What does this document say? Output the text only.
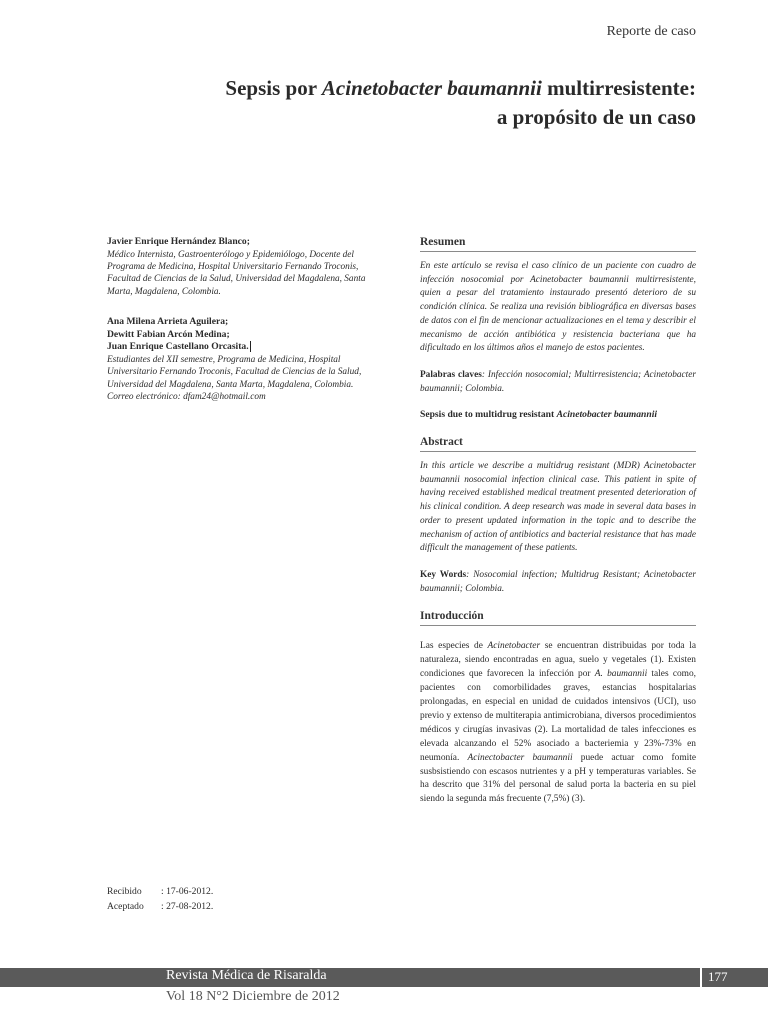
Reporte de caso
Sepsis por Acinetobacter baumannii multirresistente:
a propósito de un caso
Javier Enrique Hernández Blanco;
Médico Internista, Gastroenterólogo y Epidemiólogo, Docente del
Programa de Medicina, Hospital Universitario Fernando Troconis,
Facultad de Ciencias de la Salud, Universidad del Magdalena, Santa
Marta, Magdalena, Colombia.
Ana Milena Arrieta Aguilera;
Dewitt Fabian Arcón Medina;
Juan Enrique Castellano Orcasita.
Estudiantes del XII semestre, Programa de Medicina, Hospital
Universitario Fernando Troconis, Facultad de Ciencias de la Salud,
Universidad del Magdalena, Santa Marta, Magdalena, Colombia.
Correo electrónico: dfam24@hotmail.com
Resumen
En este artículo se revisa el caso clínico de un paciente con cuadro de infección nosocomial por Acinetobacter baumannii multirresistente, quien a pesar del tratamiento instaurado presentó deterioro de su condición clínica. Se realiza una revisión bibliográfica en diversas bases de datos con el fin de mencionar actualizaciones en el tema y describir el mecanismo de acción antibiótica y resistencia bacteriana que ha dificultado en los últimos años el manejo de estos pacientes.
Palabras claves: Infección nosocomial; Multirresistencia; Acinetobacter baumannii; Colombia.
Sepsis due to multidrug resistant Acinetobacter baumannii
Abstract
In this article we describe a multidrug resistant (MDR) Acinetobacter baumannii nosocomial infection clinical case. This patient in spite of having received established medical treatment presented deterioration of his clinical condition. A deep research was made in several data bases in order to present updated information in the topic and to describe the mechanism of action of antibiotics and bacterial resistance that has made difficult the management of these patients.
Key Words: Nosocomial infection; Multidrug Resistant; Acinetobacter baumannii; Colombia.
Introducción
Las especies de Acinetobacter se encuentran distribuidas por toda la naturaleza, siendo encontradas en agua, suelo y vegetales (1). Existen condiciones que favorecen la infección por A. baumannii tales como, pacientes con comorbilidades graves, estancias hospitalarias prolongadas, en especial en unidad de cuidados intensivos (UCI), uso previo y extenso de multiterapia antimicrobiana, diversos procedimientos médicos y cirugías invasivas (2). La mortalidad de tales infecciones es elevada alcanzando el 52% asociado a bacteriemia y 23%-73% en neumonía. Acinectobacter baumannii puede actuar como fomite susbsistiendo con escasos nutrientes y a pH y temperaturas variables. Se ha descrito que 31% del personal de salud porta la bacteria en su piel siendo la segunda más frecuente (7,5%) (3).
Recibido : 17-06-2012.
Aceptado : 27-08-2012.
Revista Médica de Risaralda
Vol 18 N°2 Diciembre de 2012
177
